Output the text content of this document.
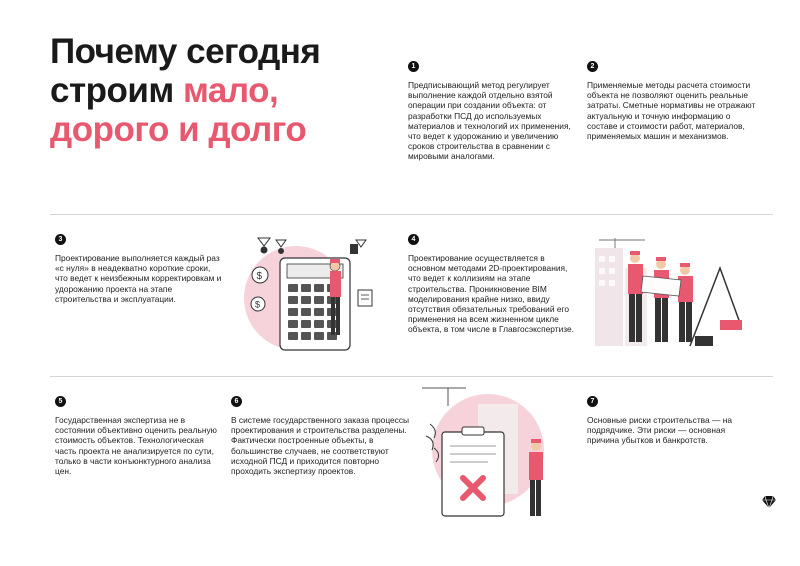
Почему сегодня
строим мало,
дорого и долго
1

Предписывающий метод регулирует выполнение каждой отдельно взятой операции при создании объекта: от разработки ПСД до используемых материалов и технологий их применения, что ведет к удорожанию и увеличению сроков строительства в сравнении с мировыми аналогами.

2

Применяемые методы расчета стоимости объекта не позволяют оценить реальные затраты. Сметные нормативы не отражают актуальную и точную информацию о составе и стоимости работ, материалов, применяемых машин и механизмов.

3

Проектирование выполняется каждый раз «с нуля» в неадекватно короткие сроки, что ведет к неизбежным корректировкам и удорожанию проекта на этапе строительства и эксплуатации.

$
$
4

Проектирование осуществляется в основном методами 2D-проектирования, что ведет к коллизиям на этапе строительства. Проникновение BIM моделирования крайне низко, ввиду отсутствия обязательных требований его применения на всем жизненном цикле объекта, в том числе в Главгосэкспертизе.

5

Государственная экспертиза не в состоянии объективно оценить реальную стоимость объектов. Технологическая часть проекта не анализируется по сути, только в части конъюнктурного анализа цен.

6

В системе государственного заказа процессы проектирования и строительства разделены. Фактически построенные объекты, в большинстве случаев, не соответствуют исходной ПСД и приходится повторно проходить экспертизу проектов.

7

Основные риски строительства — на подрядчике. Эти риски — основная причина убытков и банкротств.
